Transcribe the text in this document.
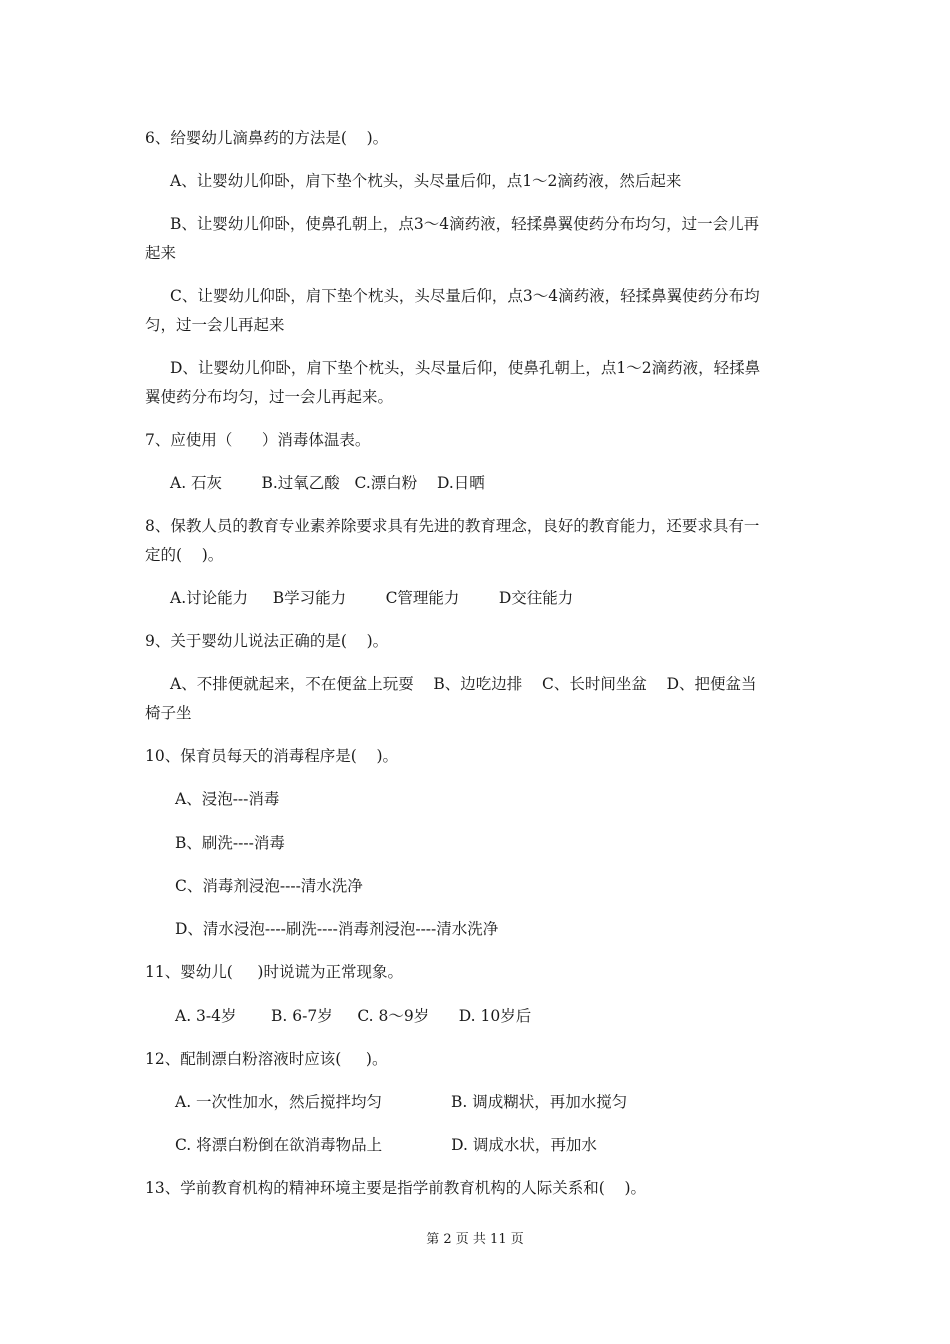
6、给婴幼儿滴鼻药的方法是(    )。
A、让婴幼儿仰卧，肩下垫个枕头，头尽量后仰，点1～2滴药液，然后起来
B、让婴幼儿仰卧，使鼻孔朝上，点3～4滴药液，轻揉鼻翼使药分布均匀，过一会儿再
起来
C、让婴幼儿仰卧，肩下垫个枕头，头尽量后仰，点3～4滴药液，轻揉鼻翼使药分布均
匀，过一会儿再起来
D、让婴幼儿仰卧，肩下垫个枕头，头尽量后仰，使鼻孔朝上，点1～2滴药液，轻揉鼻
翼使药分布均匀，过一会儿再起来。
7、应使用（      ）消毒体温表。
A. 石灰        B.过氧乙酸   C.漂白粉    D.日晒
8、保教人员的教育专业素养除要求具有先进的教育理念，良好的教育能力，还要求具有一
定的(    )。
A.讨论能力     B学习能力        C管理能力        D交往能力
9、关于婴幼儿说法正确的是(    )。
A、不排便就起来，不在便盆上玩耍    B、边吃边排    C、长时间坐盆    D、把便盆当
椅子坐
10、保育员每天的消毒程序是(    )。
A、浸泡---消毒
B、刷洗----消毒
C、消毒剂浸泡----清水洗净
D、清水浸泡----刷洗----消毒剂浸泡----清水洗净
11、婴幼儿(     )时说谎为正常现象。
A. 3-4岁       B. 6-7岁     C. 8～9岁      D. 10岁后
12、配制漂白粉溶液时应该(     )。
A. 一次性加水，然后搅拌均匀              B. 调成糊状，再加水搅匀
C. 将漂白粉倒在欲消毒物品上              D. 调成水状，再加水
13、学前教育机构的精神环境主要是指学前教育机构的人际关系和(    )。
第 2 页 共 11 页
